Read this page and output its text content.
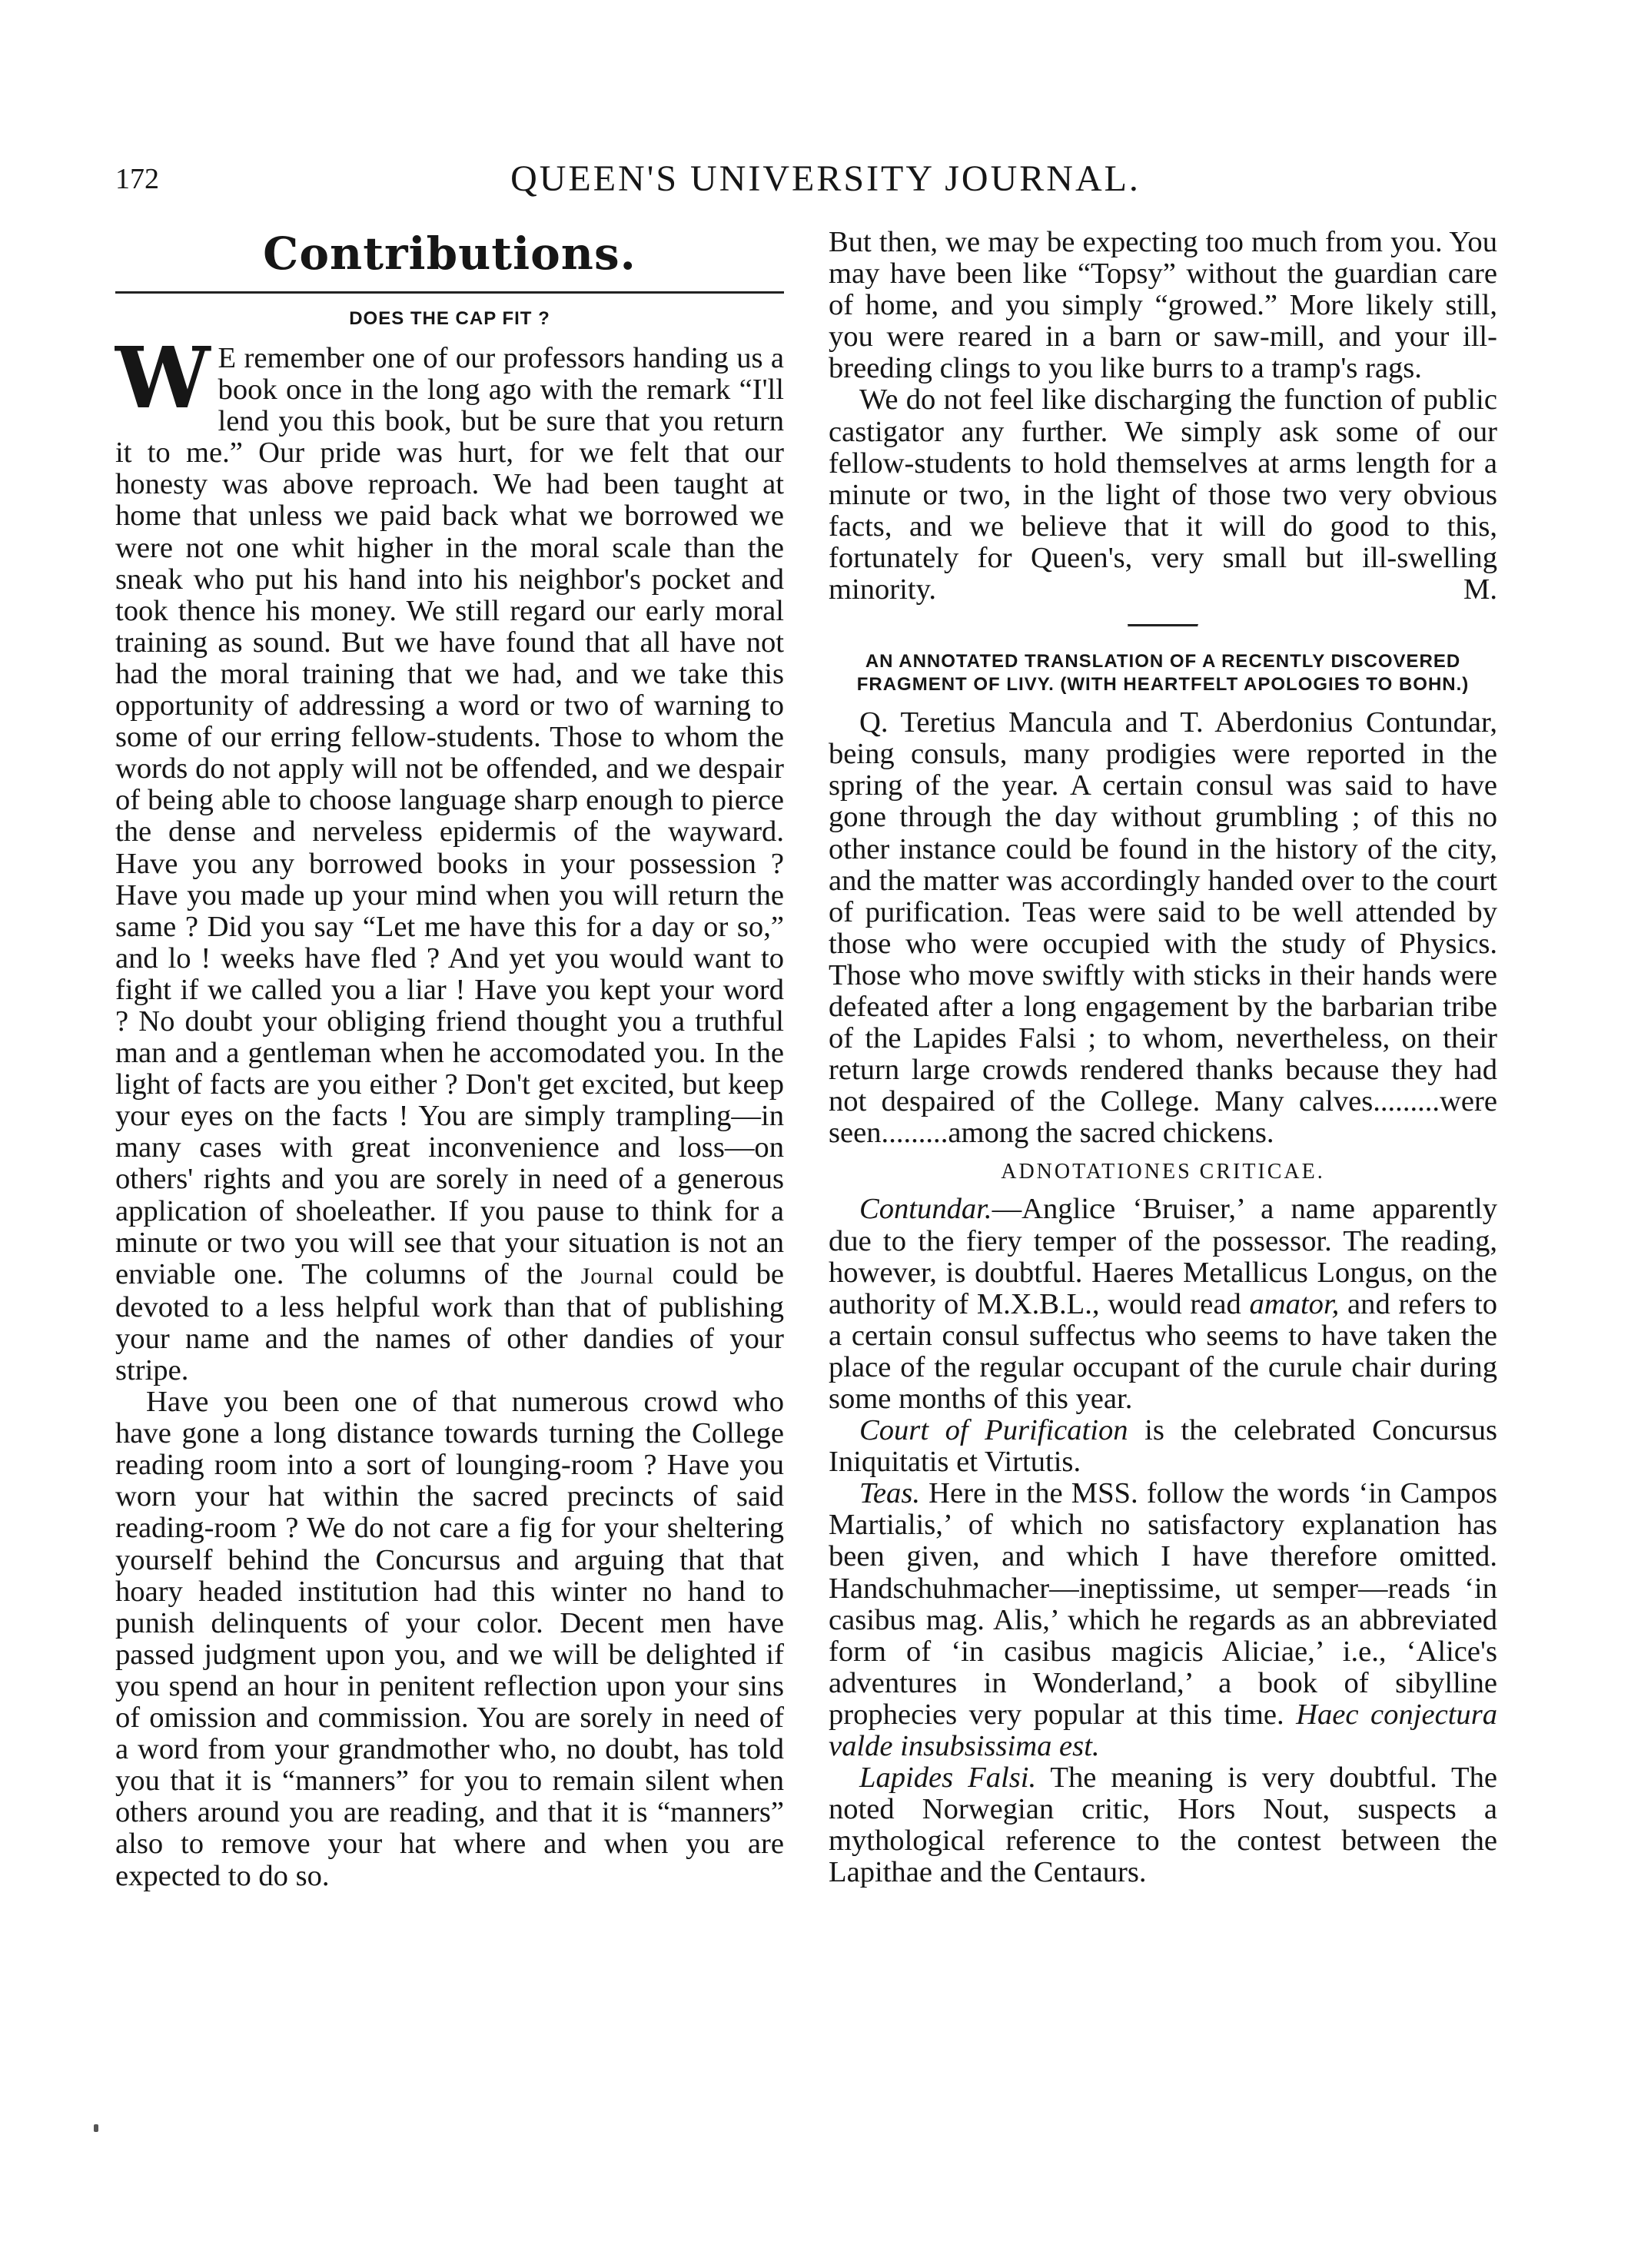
172	QUEEN'S UNIVERSITY JOURNAL.
Contributions.
DOES THE CAP FIT ?

W E remember one of our professors handing us a book once in the long ago with the remark “I'll lend you this book, but be sure that you return it to me.” Our pride was hurt, for we felt that our honesty was above reproach. We had been taught at home that unless we paid back what we borrowed we were not one whit higher in the moral scale than the sneak who put his hand into his neighbor's pocket and took thence his money. We still regard our early moral training as sound. But we have found that all have not had the moral training that we had, and we take this opportunity of addressing a word or two of warning to some of our erring fellow-students. Those to whom the words do not apply will not be offended, and we despair of being able to choose language sharp enough to pierce the dense and nerveless epidermis of the wayward. Have you any borrowed books in your possession ? Have you made up your mind when you will return the same ? Did you say “Let me have this for a day or so,” and lo ! weeks have fled ? And yet you would want to fight if we called you a liar ! Have you kept your word ? No doubt your obliging friend thought you a truthful man and a gentleman when he accomodated you. In the light of facts are you either ? Don't get excited, but keep your eyes on the facts ! You are simply trampling—in many cases with great inconvenience and loss—on others' rights and you are sorely in need of a generous application of shoeleather. If you pause to think for a minute or two you will see that your situation is not an enviable one. The columns of the Journal could be devoted to a less helpful work than that of publishing your name and the names of other dandies of your stripe.

Have you been one of that numerous crowd who have gone a long distance towards turning the College reading room into a sort of lounging-room ? Have you worn your hat within the sacred precincts of said reading-room ? We do not care a fig for your sheltering yourself behind the Concursus and arguing that that hoary headed institution had this winter no hand to punish delinquents of your color. Decent men have passed judgment upon you, and we will be delighted if you spend an hour in penitent reflection upon your sins of omission and commission. You are sorely in need of a word from your grandmother who, no doubt, has told you that it is “manners” for you to remain silent when others around you are reading, and that it is “manners” also to remove your hat where and when you are expected to do so.

But then, we may be expecting too much from you. You may have been like “Topsy” without the guardian care of home, and you simply “growed.” More likely still, you were reared in a barn or saw-mill, and your ill-breeding clings to you like burrs to a tramp's rags.

We do not feel like discharging the function of public castigator any further. We simply ask some of our fellow-students to hold themselves at arms length for a minute or two, in the light of those two very obvious facts, and we believe that it will do good to this, fortunately for Queen's, very small but ill-swelling minority.	M.

AN ANNOTATED TRANSLATION OF A RECENTLY DISCOVERED FRAGMENT OF LIVY. (WITH HEARTFELT APOLOGIES TO BOHN.)

Q. Teretius Mancula and T. Aberdonius Contundar, being consuls, many prodigies were reported in the spring of the year. A certain consul was said to have gone through the day without grumbling ; of this no other instance could be found in the history of the city, and the matter was accordingly handed over to the court of purification. Teas were said to be well attended by those who were occupied with the study of Physics. Those who move swiftly with sticks in their hands were defeated after a long engagement by the barbarian tribe of the Lapides Falsi ; to whom, nevertheless, on their return large crowds rendered thanks because they had not despaired of the College. Many calves.........were seen.........among the sacred chickens.

ADNOTATIONES CRITICAE.

Contundar.—Anglice ‘Bruiser,’ a name apparently due to the fiery temper of the possessor. The reading, however, is doubtful. Haeres Metallicus Longus, on the authority of M.X.B.L., would read amator, and refers to a certain consul suffectus who seems to have taken the place of the regular occupant of the curule chair during some months of this year.

Court of Purification is the celebrated Concursus Iniquitatis et Virtutis.

Teas. Here in the MSS. follow the words ‘in Campos Martialis,’ of which no satisfactory explanation has been given, and which I have therefore omitted. Handschuhmacher—ineptissime, ut semper—reads ‘in casibus mag. Alis,’ which he regards as an abbreviated form of ‘in casibus magicis Aliciae,’ i.e., ‘Alice's adventures in Wonderland,’ a book of sibylline prophecies very popular at this time. Haec conjectura valde insubsissima est.

Lapides Falsi. The meaning is very doubtful. The noted Norwegian critic, Hors Nout, suspects a mythological reference to the contest between the Lapithae and the Centaurs.
